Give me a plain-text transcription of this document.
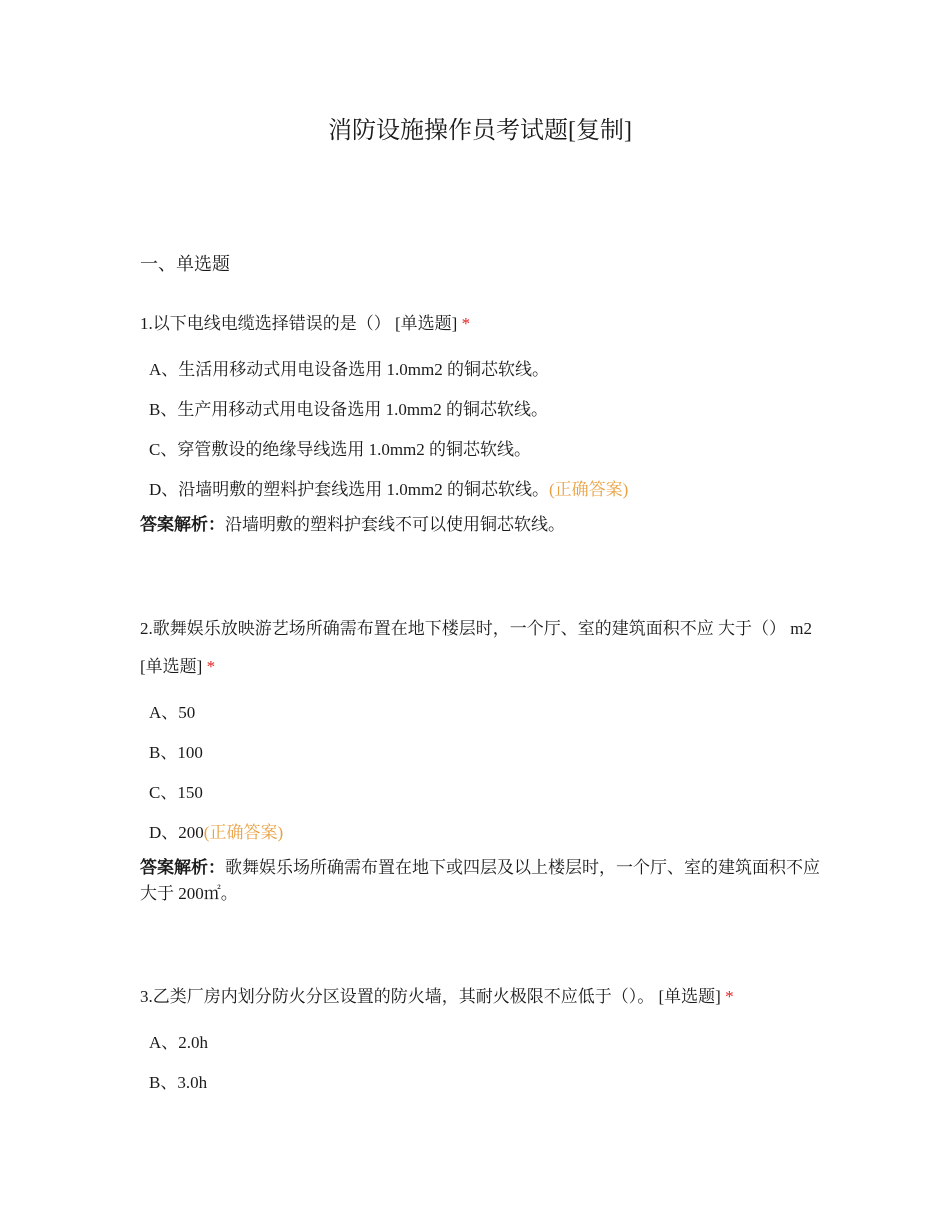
消防设施操作员考试题[复制]
一、单选题
1.以下电线电缆选择错误的是（） [单选题] *
A、生活用移动式用电设备选用 1.0mm2 的铜芯软线。
B、生产用移动式用电设备选用 1.0mm2 的铜芯软线。
C、穿管敷设的绝缘导线选用 1.0mm2 的铜芯软线。
D、沿墙明敷的塑料护套线选用 1.0mm2 的铜芯软线。(正确答案)
答案解析：沿墙明敷的塑料护套线不可以使用铜芯软线。
2.歌舞娱乐放映游艺场所确需布置在地下楼层时，一个厅、室的建筑面积不应 大于（） m2 [单选题] *
A、50
B、100
C、150
D、200(正确答案)
答案解析：歌舞娱乐场所确需布置在地下或四层及以上楼层时，一个厅、室的建筑面积不应大于 200㎡。
3.乙类厂房内划分防火分区设置的防火墙，其耐火极限不应低于（）。 [单选题] *
A、2.0h
B、3.0h
